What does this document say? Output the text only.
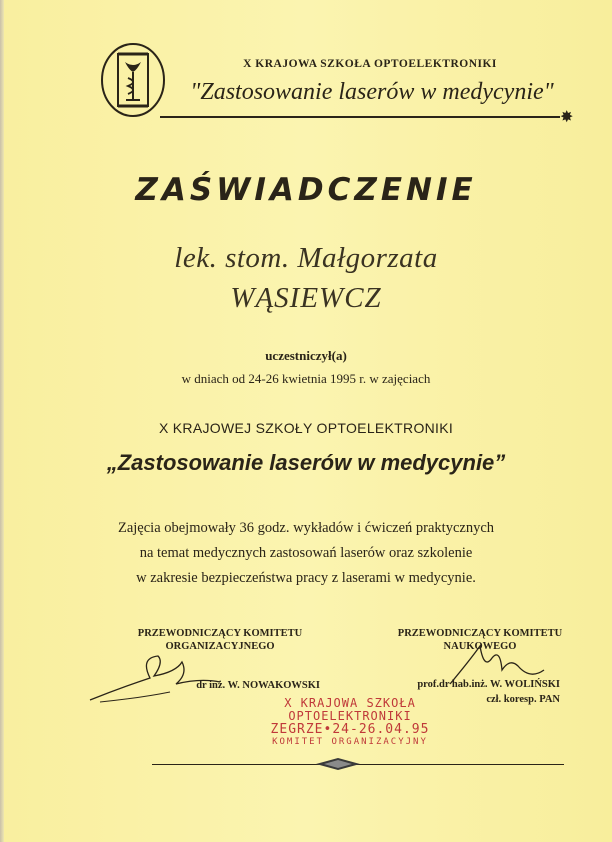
X KRAJOWA SZKOŁA OPTOELEKTRONIKI
"Zastosowanie laserów w medycynie"
✸
ZAŚWIADCZENIE
lek. stom. Małgorzata
WĄSIEWCZ
uczestniczył(a)
w dniach od 24-26 kwietnia 1995 r. w zajęciach
X KRAJOWEJ SZKOŁY OPTOELEKTRONIKI
„Zastosowanie laserów w medycynie”
Zajęcia obejmowały 36 godz. wykładów i ćwiczeń praktycznych
na temat medycznych zastosowań laserów oraz szkolenie
w zakresie bezpieczeństwa pracy z laserami w medycynie.
PRZEWODNICZĄCY KOMITETU
ORGANIZACYJNEGO
dr inż. W. NOWAKOWSKI
PRZEWODNICZĄCY KOMITETU
NAUKOWEGO
prof.dr hab.inż. W. WOLIŃSKI
czł. koresp. PAN
X KRAJOWA SZKOŁA
OPTOELEKTRONIKI
ZEGRZE•24-26.04.95
KOMITET ORGANIZACYJNY
